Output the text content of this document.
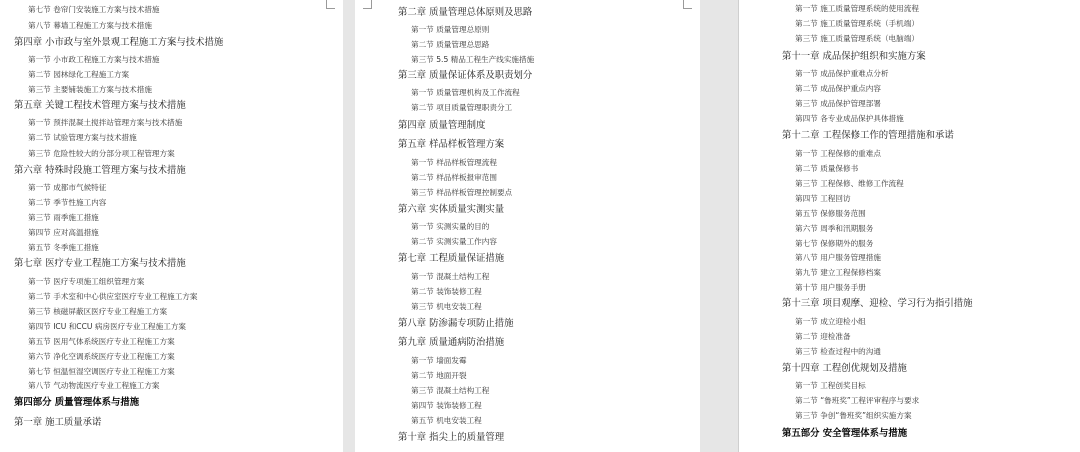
第七节 卷帘门安装施工方案与技术措施
第八节 幕墙工程施工方案与技术措施
第四章 小市政与室外景观工程施工方案与技术措施
第一节 小市政工程施工方案与技术措施
第二节 园林绿化工程施工方案
第三节 主要铺装施工方案与技术措施
第五章 关键工程技术管理方案与技术措施
第一节 预拌混凝土搅拌站管理方案与技术措施
第二节 试验管理方案与技术措施
第三节 危险性较大的分部分项工程管理方案
第六章 特殊时段施工管理方案与技术措施
第一节 成都市气候特征
第二节 季节性施工内容
第三节 雨季施工措施
第四节 应对高温措施
第五节 冬季施工措施
第七章 医疗专业工程施工方案与技术措施
第一节 医疗专项施工组织管理方案
第二节 手术室和中心供应室医疗专业工程施工方案
第三节 核磁屏蔽区医疗专业工程施工方案
第四节 ICU 和CCU 病房医疗专业工程施工方案
第五节 医用气体系统医疗专业工程施工方案
第六节 净化空调系统医疗专业工程施工方案
第七节 恒温恒湿空调医疗专业工程施工方案
第八节 气动物流医疗专业工程施工方案
第四部分 质量管理体系与措施
第一章 施工质量承诺
第二章 质量管理总体原则及思路
第一节 质量管理总原则
第二节 质量管理总思路
第三节 5.5 精品工程生产线实施措施
第三章 质量保证体系及职责划分
第一节 质量管理机构及工作流程
第二节 项目质量管理职责分工
第四章 质量管理制度
第五章 样品样板管理方案
第一节 样品样板管理流程
第二节 样品样板报审范围
第三节 样品样板管理控制要点
第六章 实体质量实测实量
第一节 实测实量的目的
第二节 实测实量工作内容
第七章 工程质量保证措施
第一节 混凝土结构工程
第二节 装饰装修工程
第三节 机电安装工程
第八章 防渗漏专项防止措施
第九章 质量通病防治措施
第一节 墙面发霉
第二节 地面开裂
第三节 混凝土结构工程
第四节 装饰装修工程
第五节 机电安装工程
第十章 指尖上的质量管理
第一节 施工质量管理系统的使用流程
第二节 施工质量管理系统（手机端）
第三节 施工质量管理系统（电脑端）
第十一章 成品保护组织和实施方案
第一节 成品保护重难点分析
第二节 成品保护重点内容
第三节 成品保护管理部署
第四节 各专业成品保护具体措施
第十二章 工程保修工作的管理措施和承诺
第一节 工程保修的重难点
第二节 质量保修书
第三节 工程保修、维修工作流程
第四节 工程回访
第五节 保修服务范围
第六节 周季和汛期服务
第七节 保修期外的服务
第八节 用户服务管理措施
第九节 建立工程保修档案
第十节 用户服务手册
第十三章 项目观摩、迎检、学习行为指引措施
第一节 成立迎检小组
第二节 迎检准备
第三节 检查过程中的沟通
第十四章 工程创优规划及措施
第一节 工程创奖目标
第二节 “鲁班奖”工程评审程序与要求
第三节 争创“鲁班奖”组织实施方案
第五部分 安全管理体系与措施
